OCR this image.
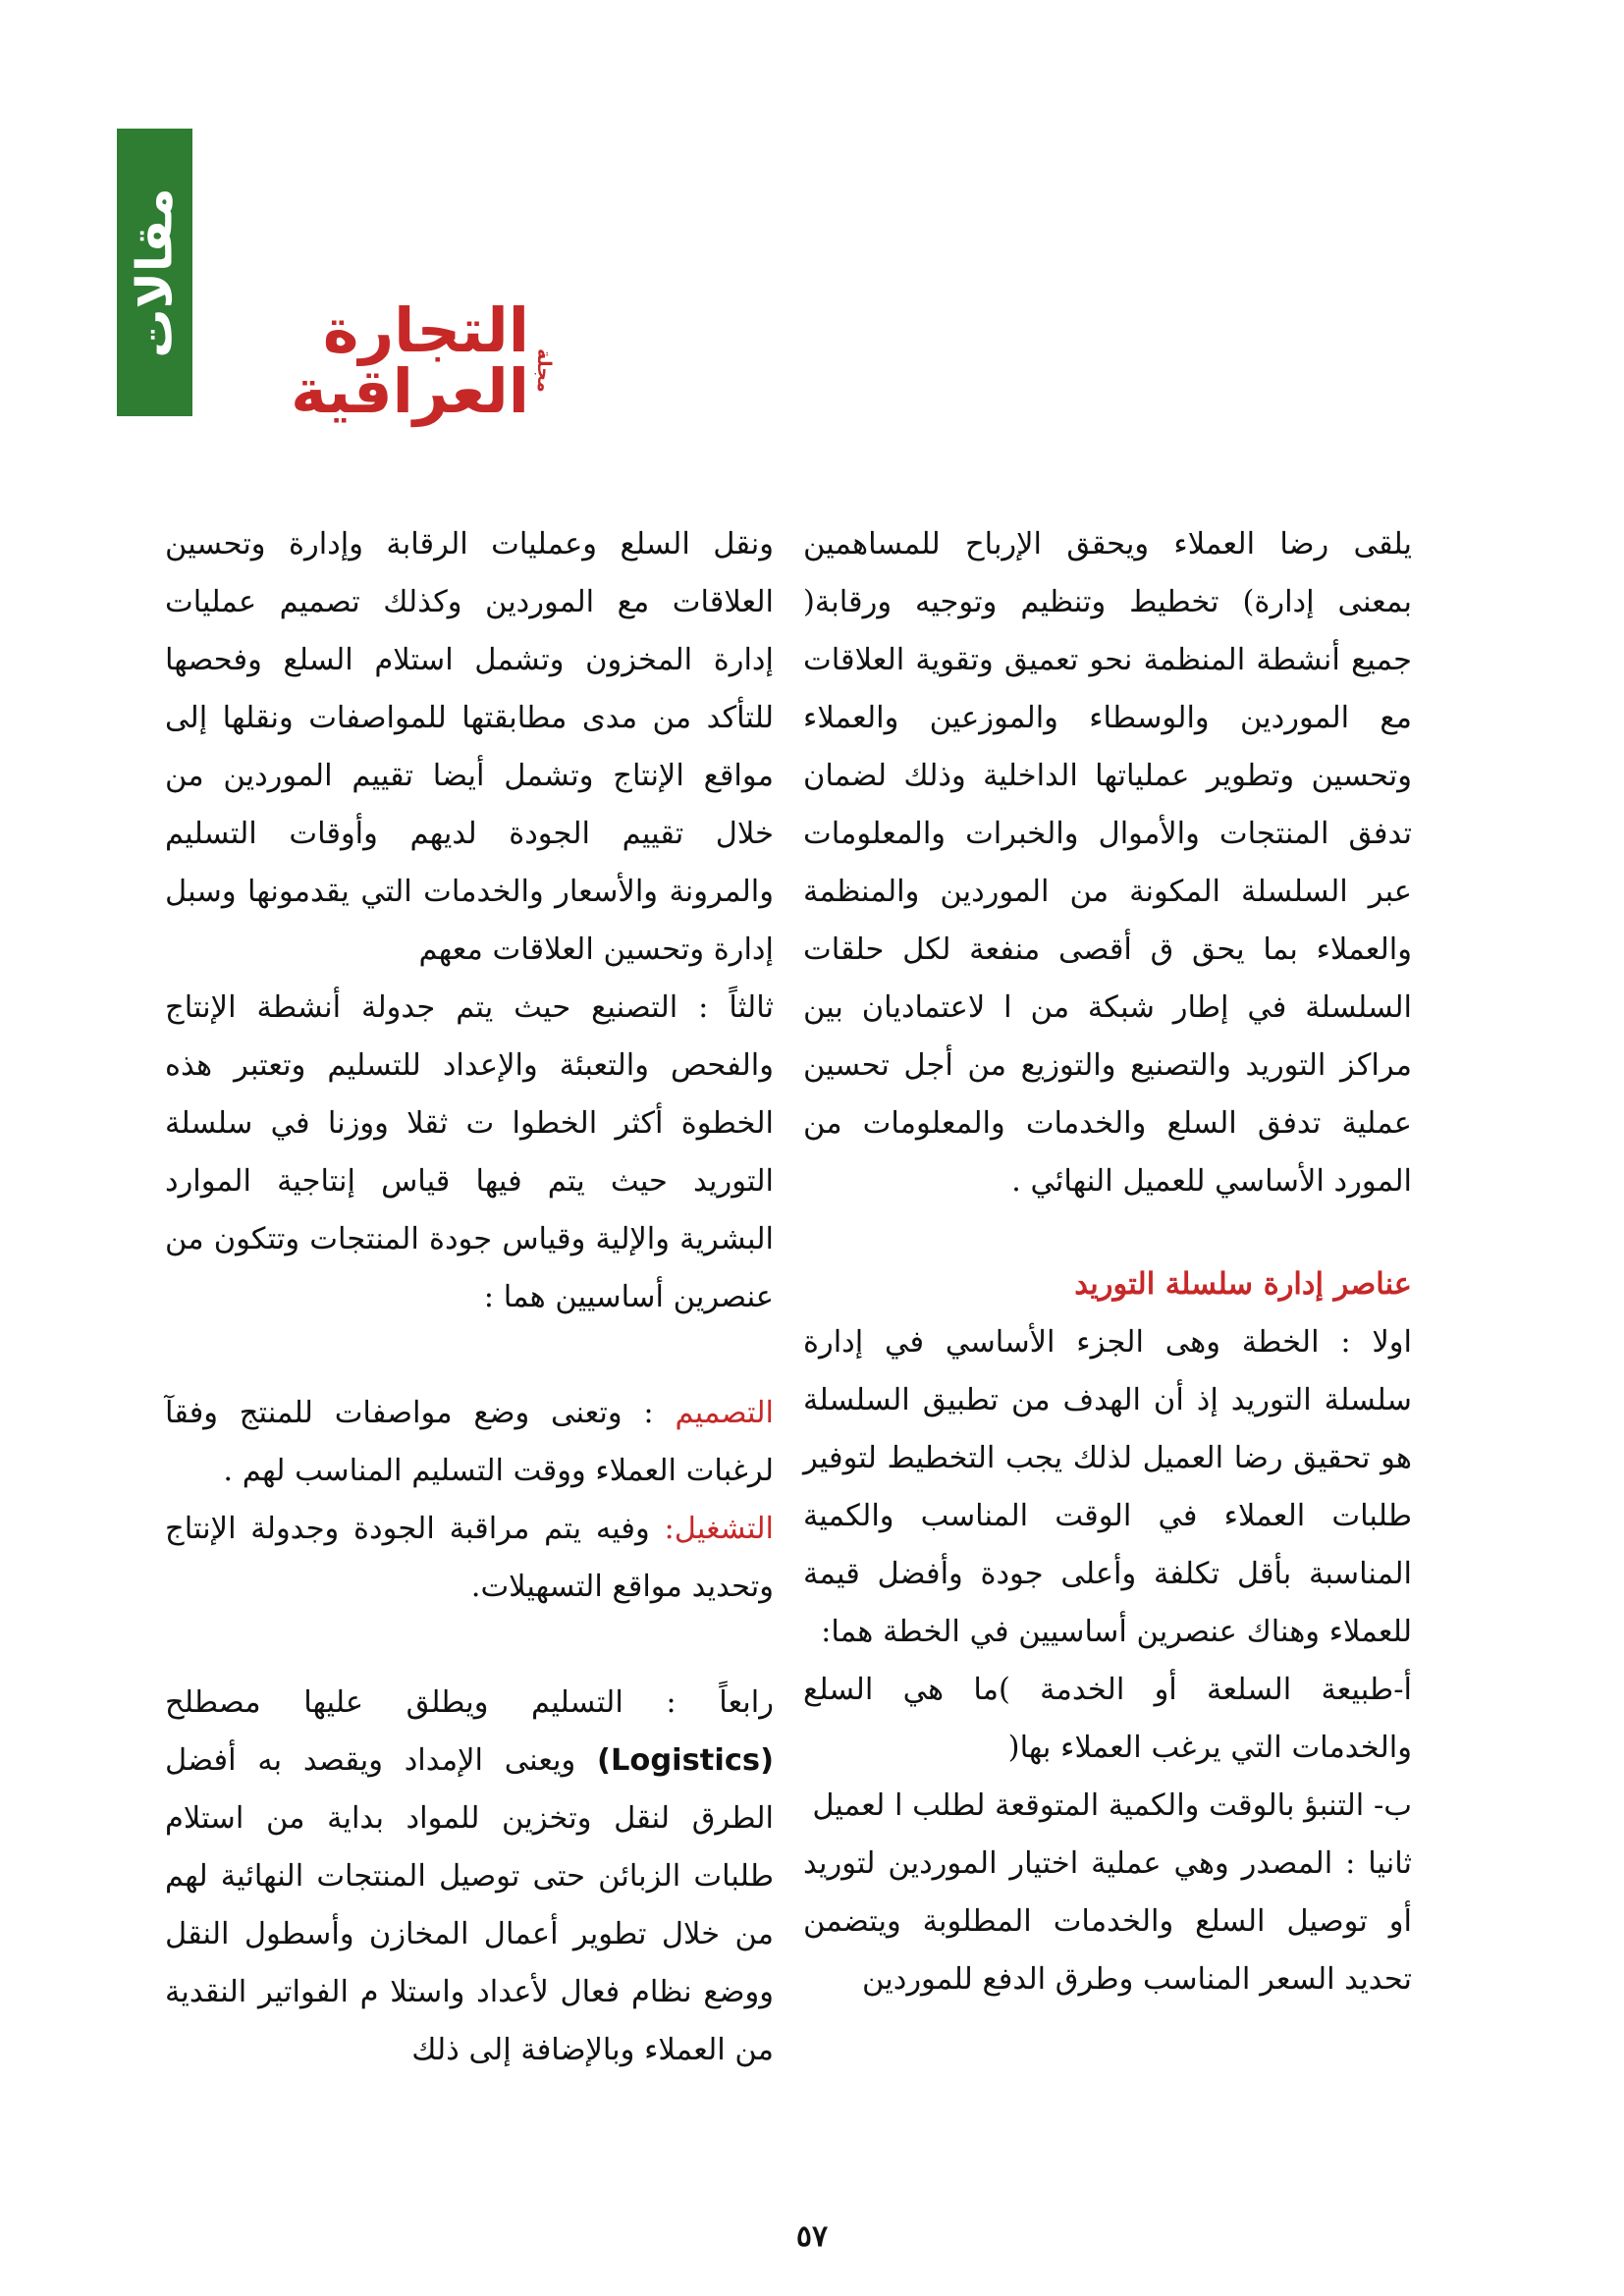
مقالات
مجلة
التجارة العراقية

يلقى رضا العملاء ويحقق الإرباح للمساهمين بمعنى إدارة) تخطيط وتنظيم وتوجيه ورقابة( جميع أنشطة المنظمة نحو تعميق وتقوية العلاقات مع الموردين والوسطاء والموزعين والعملاء وتحسين وتطوير عملياتها الداخلية وذلك لضمان تدفق المنتجات والأموال والخبرات والمعلومات عبر السلسلة المكونة من الموردين والمنظمة والعملاء بما يحق ق أقصى منفعة لكل حلقات السلسلة في إطار شبكة من ا لاعتماديان بين مراكز التوريد والتصنيع والتوزيع من أجل تحسين عملية تدفق السلع والخدمات والمعلومات من المورد الأساسي للعميل النهائي .

عناصر إدارة سلسلة التوريد

اولا : الخطة وهى الجزء الأساسي في إدارة سلسلة التوريد إذ أن الهدف من تطبيق السلسلة هو تحقيق رضا العميل لذلك يجب التخطيط لتوفير طلبات العملاء في الوقت المناسب والكمية المناسبة بأقل تكلفة وأعلى جودة وأفضل قيمة للعملاء وهناك عنصرين أساسيين في الخطة هما:

أ-طبيعة السلعة أو الخدمة )ما هي السلع والخدمات التي يرغب العملاء بها(

ب- التنبؤ بالوقت والكمية المتوقعة لطلب ا لعميل

ثانيا : المصدر وهي عملية اختيار الموردين لتوريد أو توصيل السلع والخدمات المطلوبة ويتضمن تحديد السعر المناسب وطرق الدفع للموردين

ونقل السلع وعمليات الرقابة وإدارة وتحسين العلاقات مع الموردين وكذلك تصميم عمليات إدارة المخزون وتشمل استلام السلع وفحصها للتأكد من مدى مطابقتها للمواصفات ونقلها إلى مواقع الإنتاج وتشمل أيضا تقييم الموردين من خلال تقييم الجودة لديهم وأوقات التسليم والمرونة والأسعار والخدمات التي يقدمونها وسبل إدارة وتحسين العلاقات معهم

ثالثاً : التصنيع حيث يتم جدولة أنشطة الإنتاج والفحص والتعبئة والإعداد للتسليم وتعتبر هذه الخطوة أكثر الخطوا ت ثقلا ووزنا في سلسلة التوريد حيث يتم فيها قياس إنتاجية الموارد البشرية والإلية وقياس جودة المنتجات وتتكون من عنصرين أساسيين هما :

التصميم : وتعنى وضع مواصفات للمنتج وفقآ لرغبات العملاء ووقت التسليم المناسب لهم .

التشغيل: وفيه يتم مراقبة الجودة وجدولة الإنتاج وتحديد مواقع التسهيلات.

رابعاً : التسليم ويطلق عليها مصطلح (Logistics) ويعنى الإمداد ويقصد به أفضل الطرق لنقل وتخزين للمواد بداية من استلام طلبات الزبائن حتى توصيل المنتجات النهائية لهم من خلال تطوير أعمال المخازن وأسطول النقل ووضع نظام فعال لأعداد واستلا م الفواتير النقدية من العملاء وبالإضافة إلى ذلك

٥٧
